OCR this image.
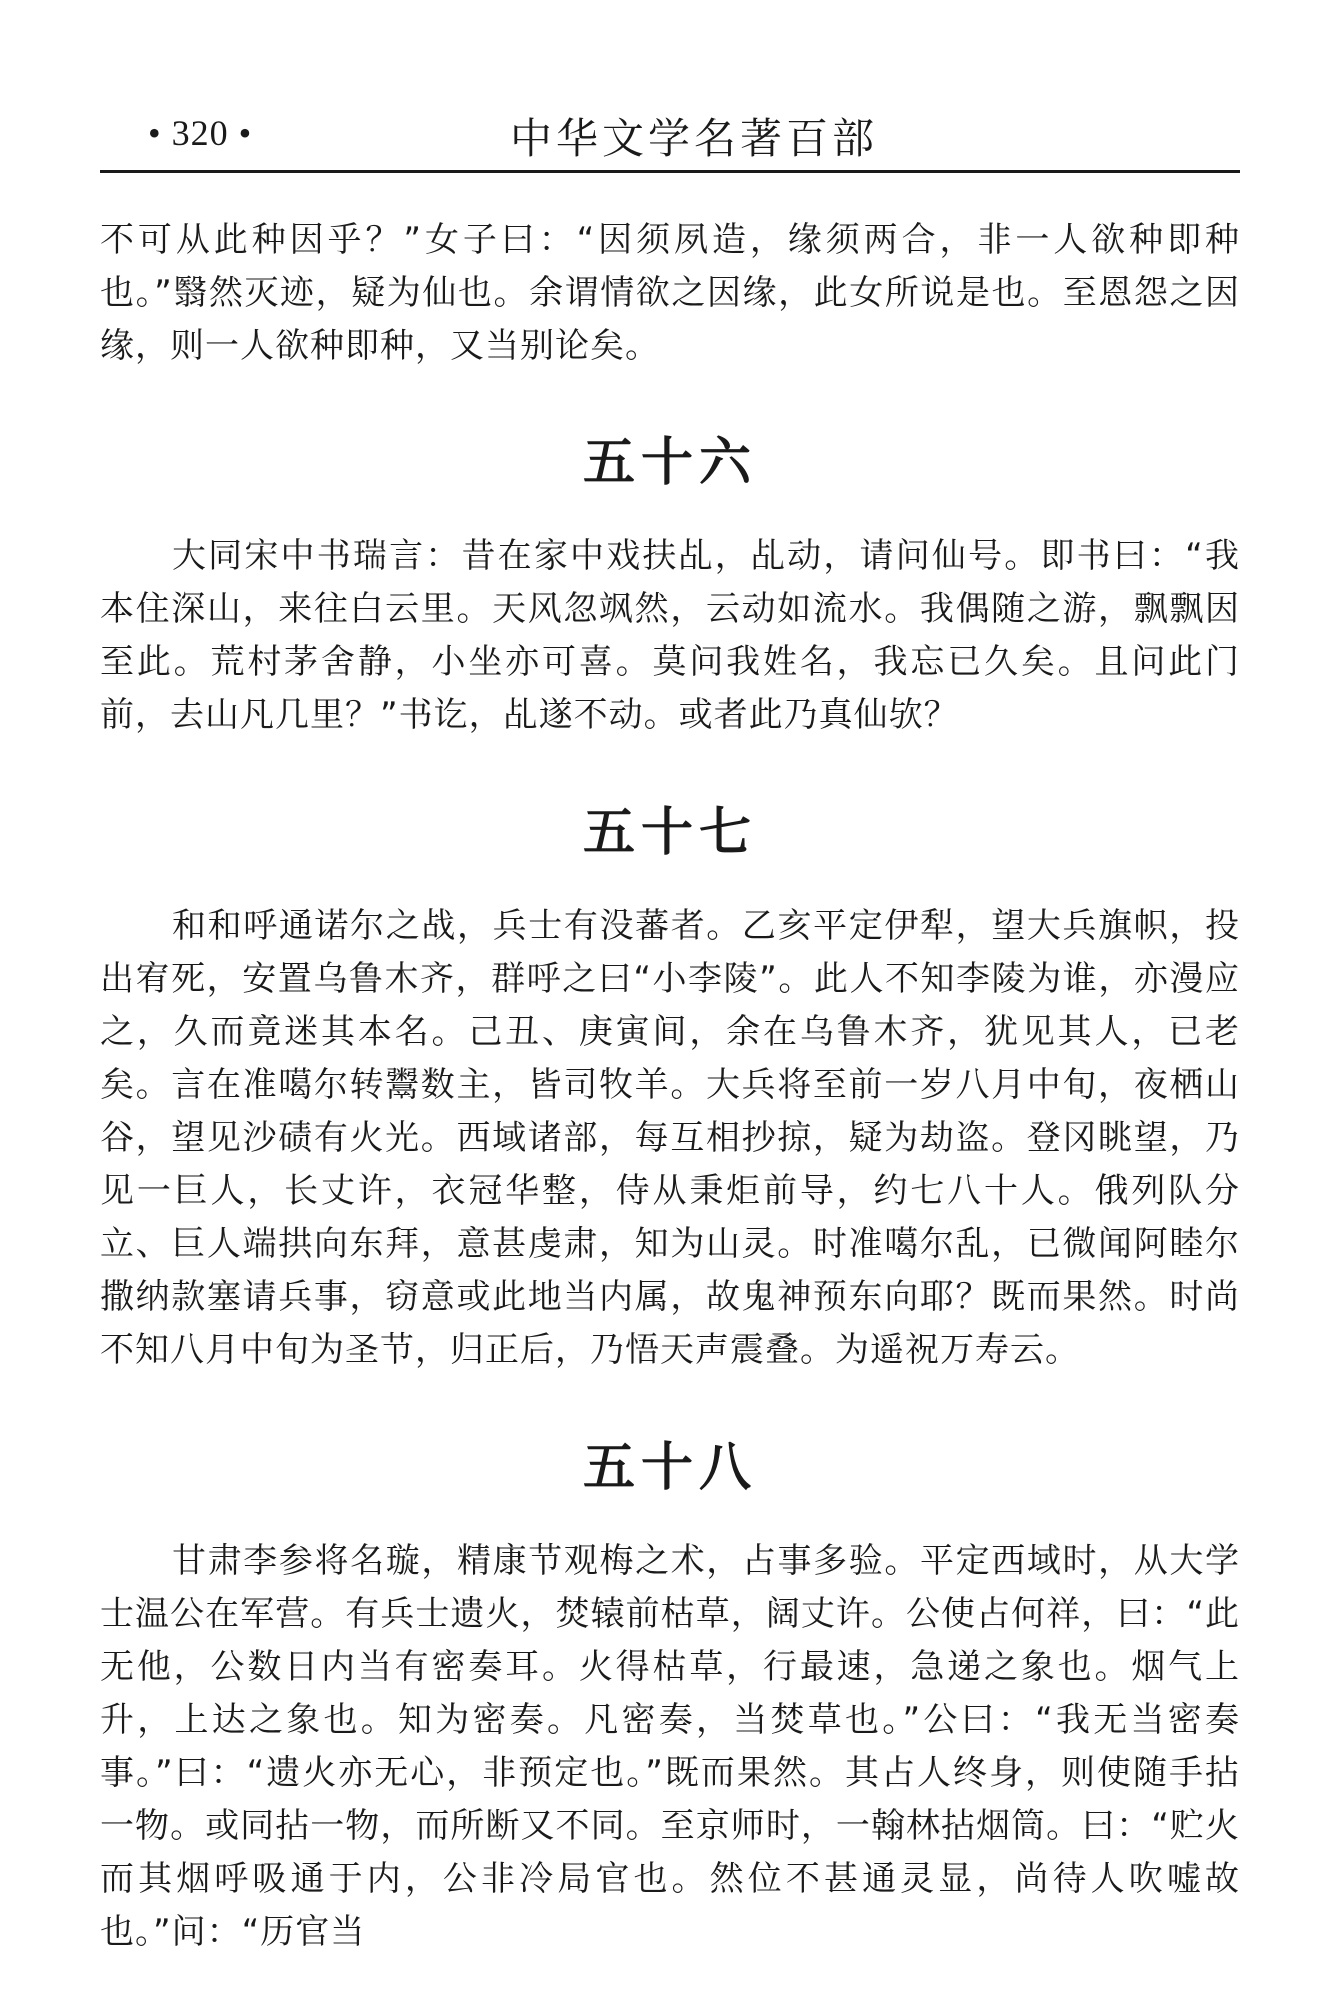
• 320 •	中华文学名著百部

不可从此种因乎？”女子曰：“因须夙造，缘须两合，非一人欲种即种也。”翳然灭迹，疑为仙也。余谓情欲之因缘，此女所说是也。至恩怨之因缘，则一人欲种即种，又当别论矣。

五十六

大同宋中书瑞言：昔在家中戏扶乩，乩动，请问仙号。即书曰：“我本住深山，来往白云里。天风忽飒然，云动如流水。我偶随之游，飘飘因至此。荒村茅舍静，小坐亦可喜。莫问我姓名，我忘已久矣。且问此门前，去山凡几里？”书讫，乩遂不动。或者此乃真仙欤？

五十七

和和呼通诺尔之战，兵士有没蕃者。乙亥平定伊犁，望大兵旗帜，投出宥死，安置乌鲁木齐，群呼之曰“小李陵”。此人不知李陵为谁，亦漫应之，久而竟迷其本名。己丑、庚寅间，余在乌鲁木齐，犹见其人，已老矣。言在准噶尔转鬻数主，皆司牧羊。大兵将至前一岁八月中旬，夜栖山谷，望见沙碛有火光。西域诸部，每互相抄掠，疑为劫盗。登冈眺望，乃见一巨人，长丈许，衣冠华整，侍从秉炬前导，约七八十人。俄列队分立、巨人端拱向东拜，意甚虔肃，知为山灵。时准噶尔乱，已微闻阿睦尔撒纳款塞请兵事，窃意或此地当内属，故鬼神预东向耶？既而果然。时尚不知八月中旬为圣节，归正后，乃悟天声震叠。为遥祝万寿云。

五十八

甘肃李参将名璇，精康节观梅之术，占事多验。平定西域时，从大学士温公在军营。有兵士遗火，焚辕前枯草，阔丈许。公使占何祥，曰：“此无他，公数日内当有密奏耳。火得枯草，行最速，急递之象也。烟气上升，上达之象也。知为密奏。凡密奏，当焚草也。”公曰：“我无当密奏事。”曰：“遗火亦无心，非预定也。”既而果然。其占人终身，则使随手拈一物。或同拈一物，而所断又不同。至京师时，一翰林拈烟筒。曰：“贮火而其烟呼吸通于内，公非冷局官也。然位不甚通灵显，尚待人吹嘘故也。”问：“历官当
